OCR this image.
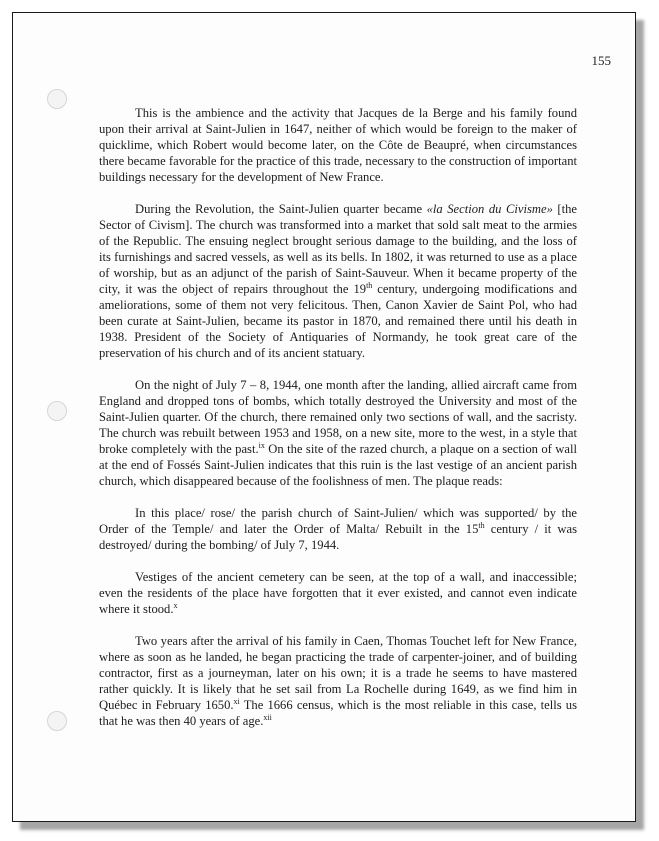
155

This is the ambience and the activity that Jacques de la Berge and his family found upon their arrival at Saint-Julien in 1647, neither of which would be foreign to the maker of quicklime, which Robert would become later, on the Côte de Beaupré, when circumstances there became favorable for the practice of this trade, necessary to the construction of important buildings necessary for the development of New France.

During the Revolution, the Saint-Julien quarter became «la Section du Civisme» [the Sector of Civism]. The church was transformed into a market that sold salt meat to the armies of the Republic. The ensuing neglect brought serious damage to the building, and the loss of its furnishings and sacred vessels, as well as its bells. In 1802, it was returned to use as a place of worship, but as an adjunct of the parish of Saint-Sauveur. When it became property of the city, it was the object of repairs throughout the 19th century, undergoing modifications and ameliorations, some of them not very felicitous. Then, Canon Xavier de Saint Pol, who had been curate at Saint-Julien, became its pastor in 1870, and remained there until his death in 1938. President of the Society of Antiquaries of Normandy, he took great care of the preservation of his church and of its ancient statuary.

On the night of July 7 – 8, 1944, one month after the landing, allied aircraft came from England and dropped tons of bombs, which totally destroyed the University and most of the Saint-Julien quarter. Of the church, there remained only two sections of wall, and the sacristy. The church was rebuilt between 1953 and 1958, on a new site, more to the west, in a style that broke completely with the past.$^{ix}$ On the site of the razed church, a plaque on a section of wall at the end of Fossés Saint-Julien indicates that this ruin is the last vestige of an ancient parish church, which disappeared because of the foolishness of men. The plaque reads:

In this place/ rose/ the parish church of Saint-Julien/ which was supported/ by the Order of the Temple/ and later the Order of Malta/ Rebuilt in the 15th century / it was destroyed/ during the bombing/ of July 7, 1944.

Vestiges of the ancient cemetery can be seen, at the top of a wall, and inaccessible; even the residents of the place have forgotten that it ever existed, and cannot even indicate where it stood.$^x$

Two years after the arrival of his family in Caen, Thomas Touchet left for New France, where as soon as he landed, he began practicing the trade of carpenter-joiner, and of building contractor, first as a journeyman, later on his own; it is a trade he seems to have mastered rather quickly. It is likely that he set sail from La Rochelle during 1649, as we find him in Québec in February 1650.$^{xi}$ The 1666 census, which is the most reliable in this case, tells us that he was then 40 years of age.$^{xii}$
